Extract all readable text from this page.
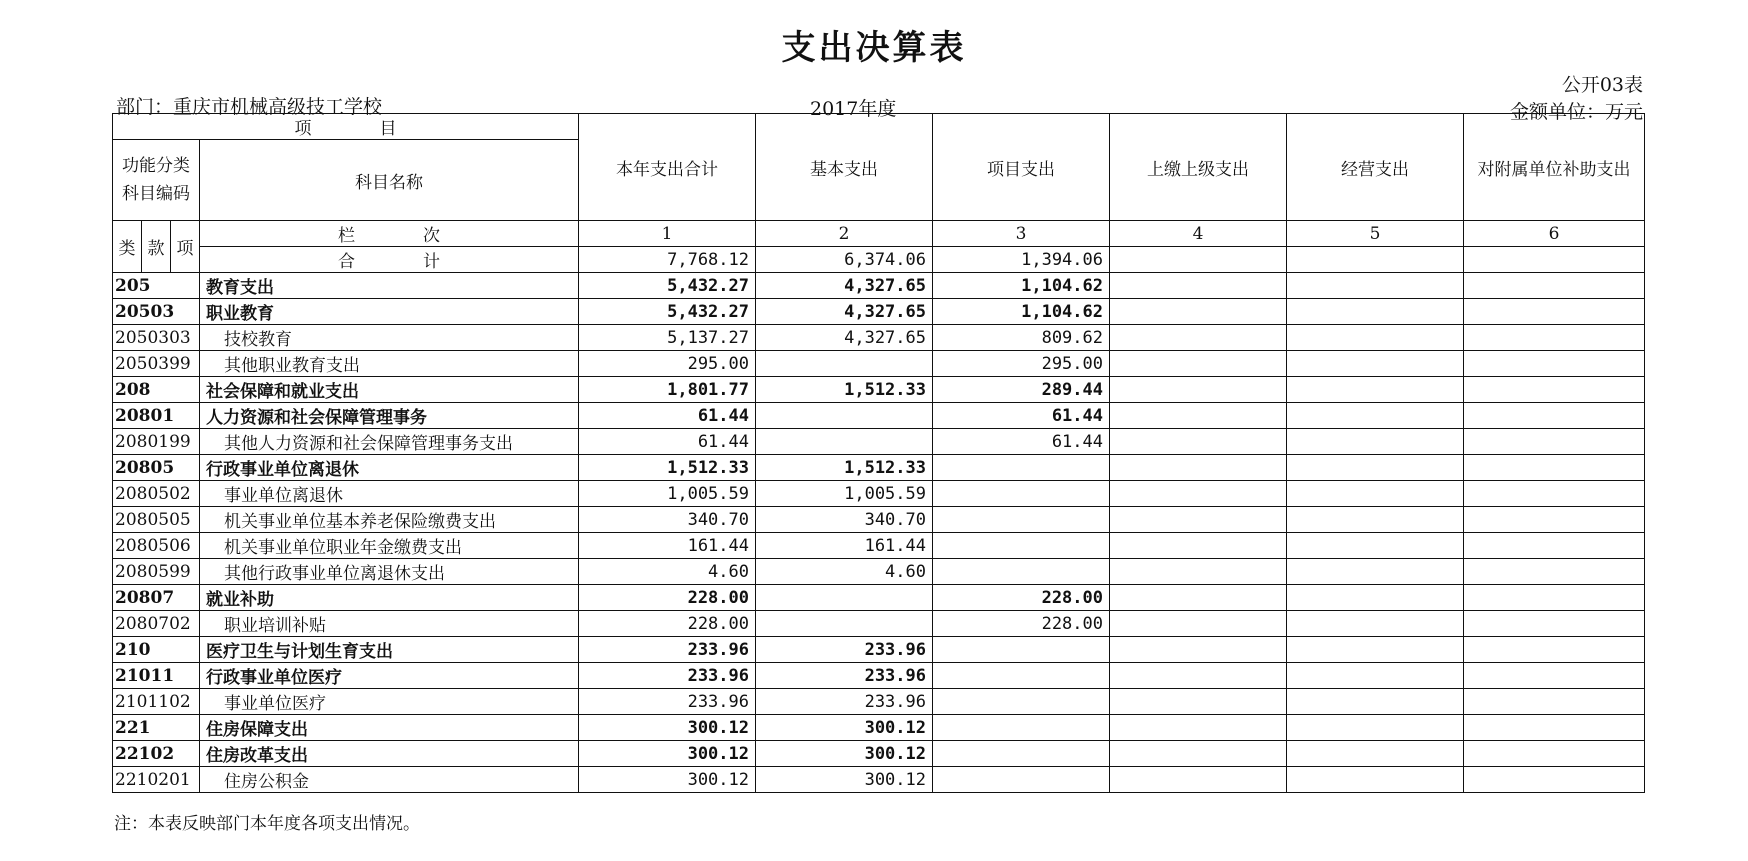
支出决算表
公开03表
部门：重庆市机械高级技工学校	2017年度	金额单位：万元
项　　　　目				本年支出合计	基本支出	项目支出	上缴上级支出	经营支出	对附属单位补助支出

功能分类
科目编码			科目名称						
类	款	项	栏　　　　次	1	2	3	4	5	6
			合　　　　计	7,768.12	6,374.06	1,394.06			
205			教育支出	5,432.27	4,327.65	1,104.62			
20503			职业教育	5,432.27	4,327.65	1,104.62			
2050303			技校教育	5,137.27	4,327.65	809.62			
2050399			其他职业教育支出	295.00		295.00			
208			社会保障和就业支出	1,801.77	1,512.33	289.44			
20801			人力资源和社会保障管理事务	61.44		61.44			
2080199			其他人力资源和社会保障管理事务支出	61.44		61.44			
20805			行政事业单位离退休	1,512.33	1,512.33				
2080502			事业单位离退休	1,005.59	1,005.59				
2080505			机关事业单位基本养老保险缴费支出	340.70	340.70				
2080506			机关事业单位职业年金缴费支出	161.44	161.44				
2080599			其他行政事业单位离退休支出	4.60	4.60				
20807			就业补助	228.00		228.00			
2080702			职业培训补贴	228.00		228.00			
210			医疗卫生与计划生育支出	233.96	233.96				
21011			行政事业单位医疗	233.96	233.96				
2101102			事业单位医疗	233.96	233.96				
221			住房保障支出	300.12	300.12				
22102			住房改革支出	300.12	300.12				
2210201			住房公积金	300.12	300.12				
注：本表反映部门本年度各项支出情况。
